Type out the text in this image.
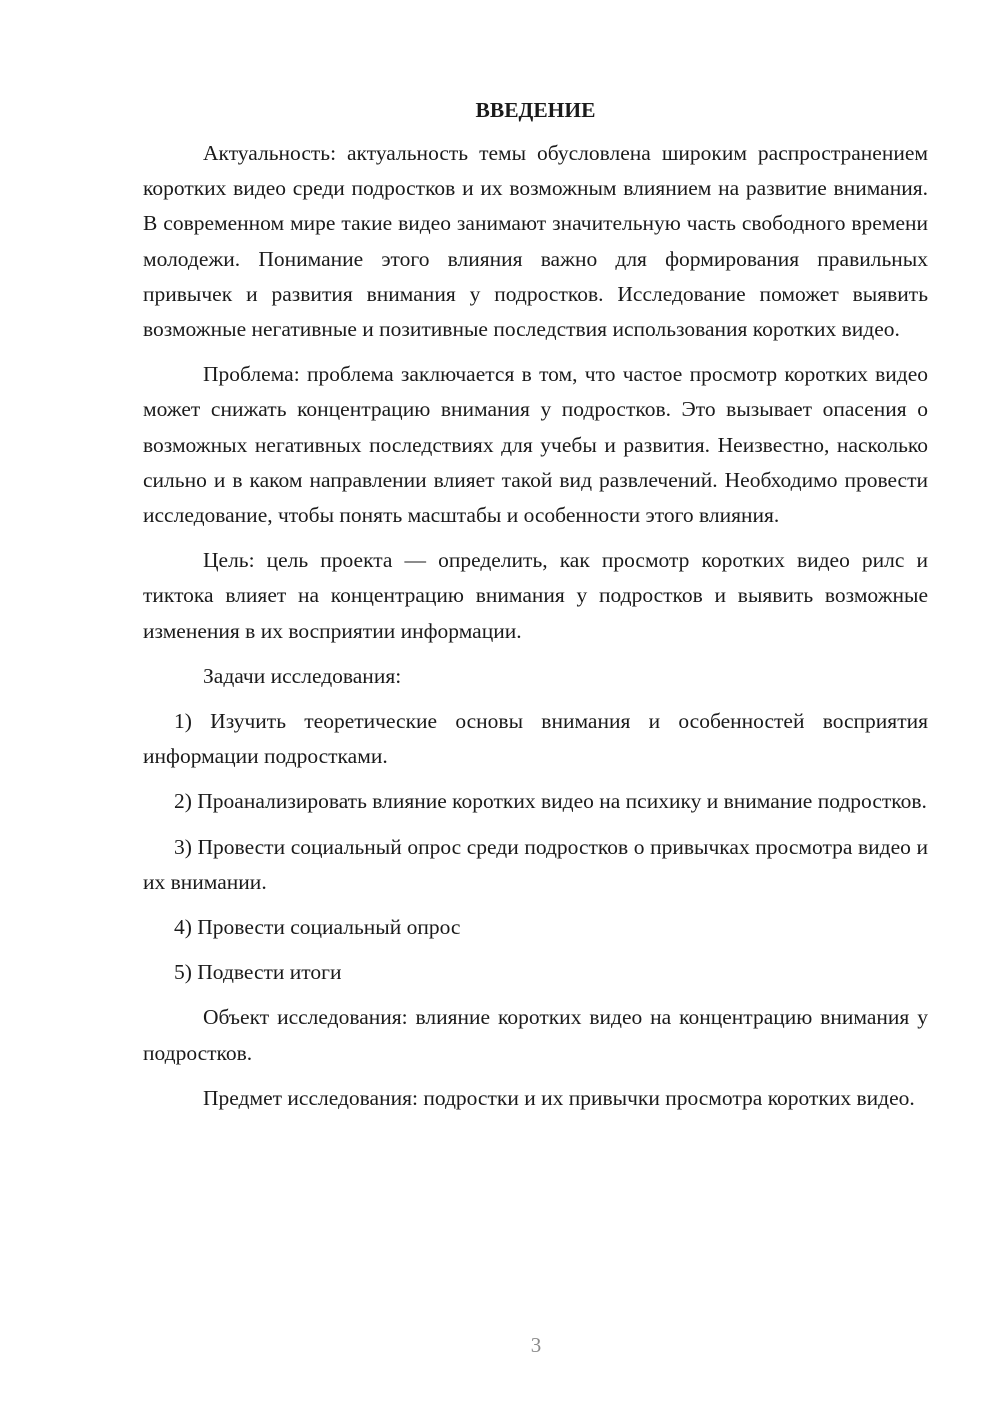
ВВЕДЕНИЕ

Актуальность: актуальность темы обусловлена широким распространением коротких видео среди подростков и их возможным влиянием на развитие внимания. В современном мире такие видео занимают значительную часть свободного времени молодежи. Понимание этого влияния важно для формирования правильных привычек и развития внимания у подростков. Исследование поможет выявить возможные негативные и позитивные последствия использования коротких видео.

Проблема: проблема заключается в том, что частое просмотр коротких видео может снижать концентрацию внимания у подростков. Это вызывает опасения о возможных негативных последствиях для учебы и развития. Неизвестно, насколько сильно и в каком направлении влияет такой вид развлечений. Необходимо провести исследование, чтобы понять масштабы и особенности этого влияния.

Цель: цель проекта — определить, как просмотр коротких видео рилс и тиктока влияет на концентрацию внимания у подростков и выявить возможные изменения в их восприятии информации.

Задачи исследования:

1) Изучить теоретические основы внимания и особенностей восприятия информации подростками.

2) Проанализировать влияние коротких видео на психику и внимание подростков.

3) Провести социальный опрос среди подростков о привычках просмотра видео и их внимании.

4) Провести социальный опрос

5) Подвести итоги

Объект исследования: влияние коротких видео на концентрацию внимания у подростков.

Предмет исследования: подростки и их привычки просмотра коротких видео.

3
